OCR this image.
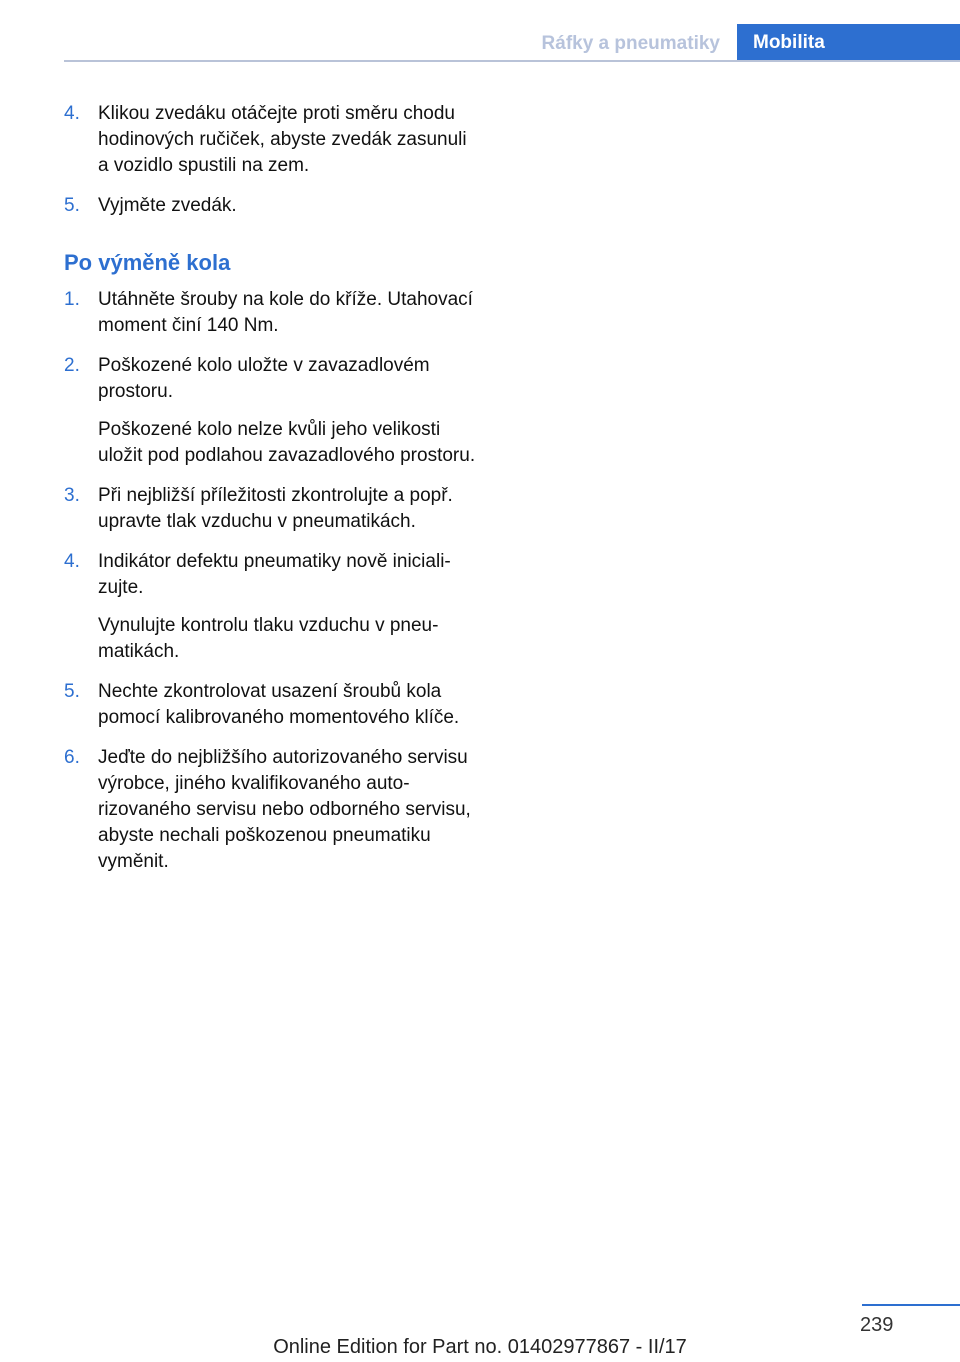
Ráfky a pneumatiky	Mobilita
4. Klikou zvedáku otáčejte proti směru chodu hodinových ručiček, abyste zvedák zasunuli a vozidlo spustili na zem.

5. Vyjměte zvedák.

Po výměně kola
1. Utáhněte šrouby na kole do kříže. Utahovací moment činí 140 Nm.

2. Poškozené kolo uložte v zavazadlovém prostoru.

Poškozené kolo nelze kvůli jeho velikosti uložit pod podlahou zavazadlového prostoru.

3. Při nejbližší příležitosti zkontrolujte a popř. upravte tlak vzduchu v pneumatikách.

4. Indikátor defektu pneumatiky nově inicializujte.

Vynulujte kontrolu tlaku vzduchu v pneumatikách.

5. Nechte zkontrolovat usazení šroubů kola pomocí kalibrovaného momentového klíče.

6. Jeďte do nejbližšího autorizovaného servisu výrobce, jiného kvalifikovaného autorizovaného servisu nebo odborného servisu, abyste nechali poškozenou pneumatiku vyměnit.

239
Online Edition for Part no. 01402977867 - II/17
